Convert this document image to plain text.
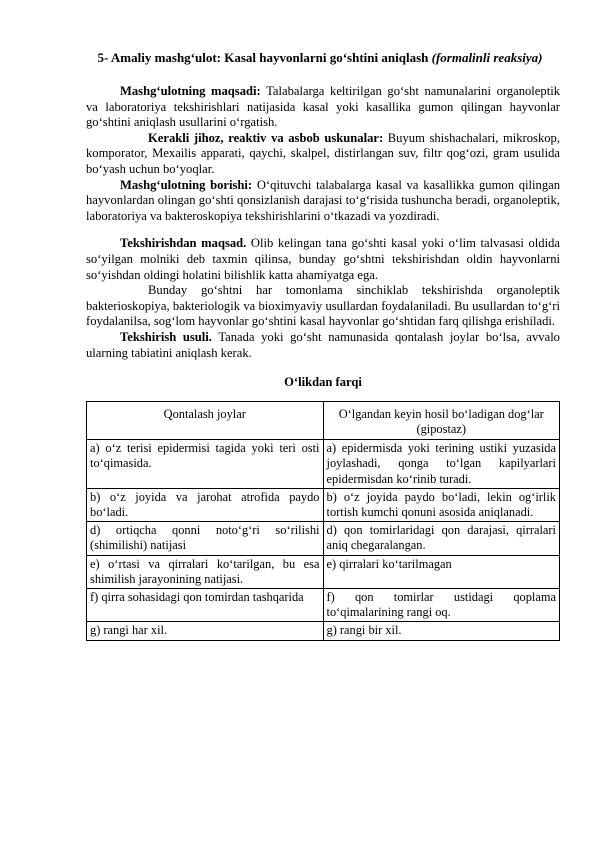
5- Amaliy mashg‘ulot: Kasal hayvonlarni go‘shtini aniqlash (formalinli reaksiya)

Mashg‘ulotning maqsadi: Talabalarga keltirilgan go‘sht namunalarini organoleptik va laboratoriya tekshirishlari natijasida kasal yoki kasallika gumon qilingan hayvonlar go‘shtini aniqlash usullarini o‘rgatish.

Kerakli jihoz, reaktiv va asbob uskunalar: Buyum shishachalari, mikroskop, komporator, Mexailis apparati, qaychi, skalpel, distirlangan suv, filtr qog‘ozi, gram usulida bo‘yash uchun bo‘yoqlar.

Mashg‘ulotning borishi: O‘qituvchi talabalarga kasal va kasallikka gumon qilingan hayvonlardan olingan go‘shti qonsizlanish darajasi to‘g‘risida tushuncha beradi, organoleptik, laboratoriya va bakteroskopiya tekshirishlarini o‘tkazadi va yozdiradi.

Tekshirishdan maqsad. Olib kelingan tana go‘shti kasal yoki o‘lim talvasasi oldida so‘yilgan molniki deb taxmin qilinsa, bunday go‘shtni tekshirishdan oldin hayvonlarni so‘yishdan oldingi holatini bilishlik katta ahamiyatga ega.

Bunday go‘shtni har tomonlama sinchiklab tekshirishda organoleptik bakterioskopiya, bakteriologik va bioximyaviy usullardan foydalaniladi. Bu usullardan to‘g‘ri foydalanilsa, sog‘lom hayvonlar go‘shtini kasal hayvonlar go‘shtidan farq qilishga erishiladi.

Tekshirish usuli. Tanada yoki go‘sht namunasida qontalash joylar bo‘lsa, avvalo ularning tabiatini aniqlash kerak.

O‘likdan farqi
Qontalash joylar	O‘lgandan keyin hosil bo‘ladigan dog‘lar (gipostaz)
a) o‘z terisi epidermisi tagida yoki teri osti to‘qimasida.	a) epidermisda yoki terining ustiki yuzasida joylashadi, qonga to‘lgan kapilyarlari epidermisdan ko‘rinib turadi.
b) o‘z joyida va jarohat atrofida paydo bo‘ladi.	b) o‘z joyida paydo bo‘ladi, lekin og‘irlik tortish kumchi qonuni asosida aniqlanadi.
d) ortiqcha qonni noto‘g‘ri so‘rilishi (shimilishi) natijasi	d) qon tomirlaridagi qon darajasi, qirralari aniq chegaralangan.
e) o‘rtasi va qirralari ko‘tarilgan, bu esa shimilish jarayonining natijasi.	e) qirralari ko‘tarilmagan
f) qirra sohasidagi qon tomirdan tashqarida	f) qon tomirlar ustidagi qoplama to‘qimalarining rangi oq.
g) rangi har xil.	g) rangi bir xil.
